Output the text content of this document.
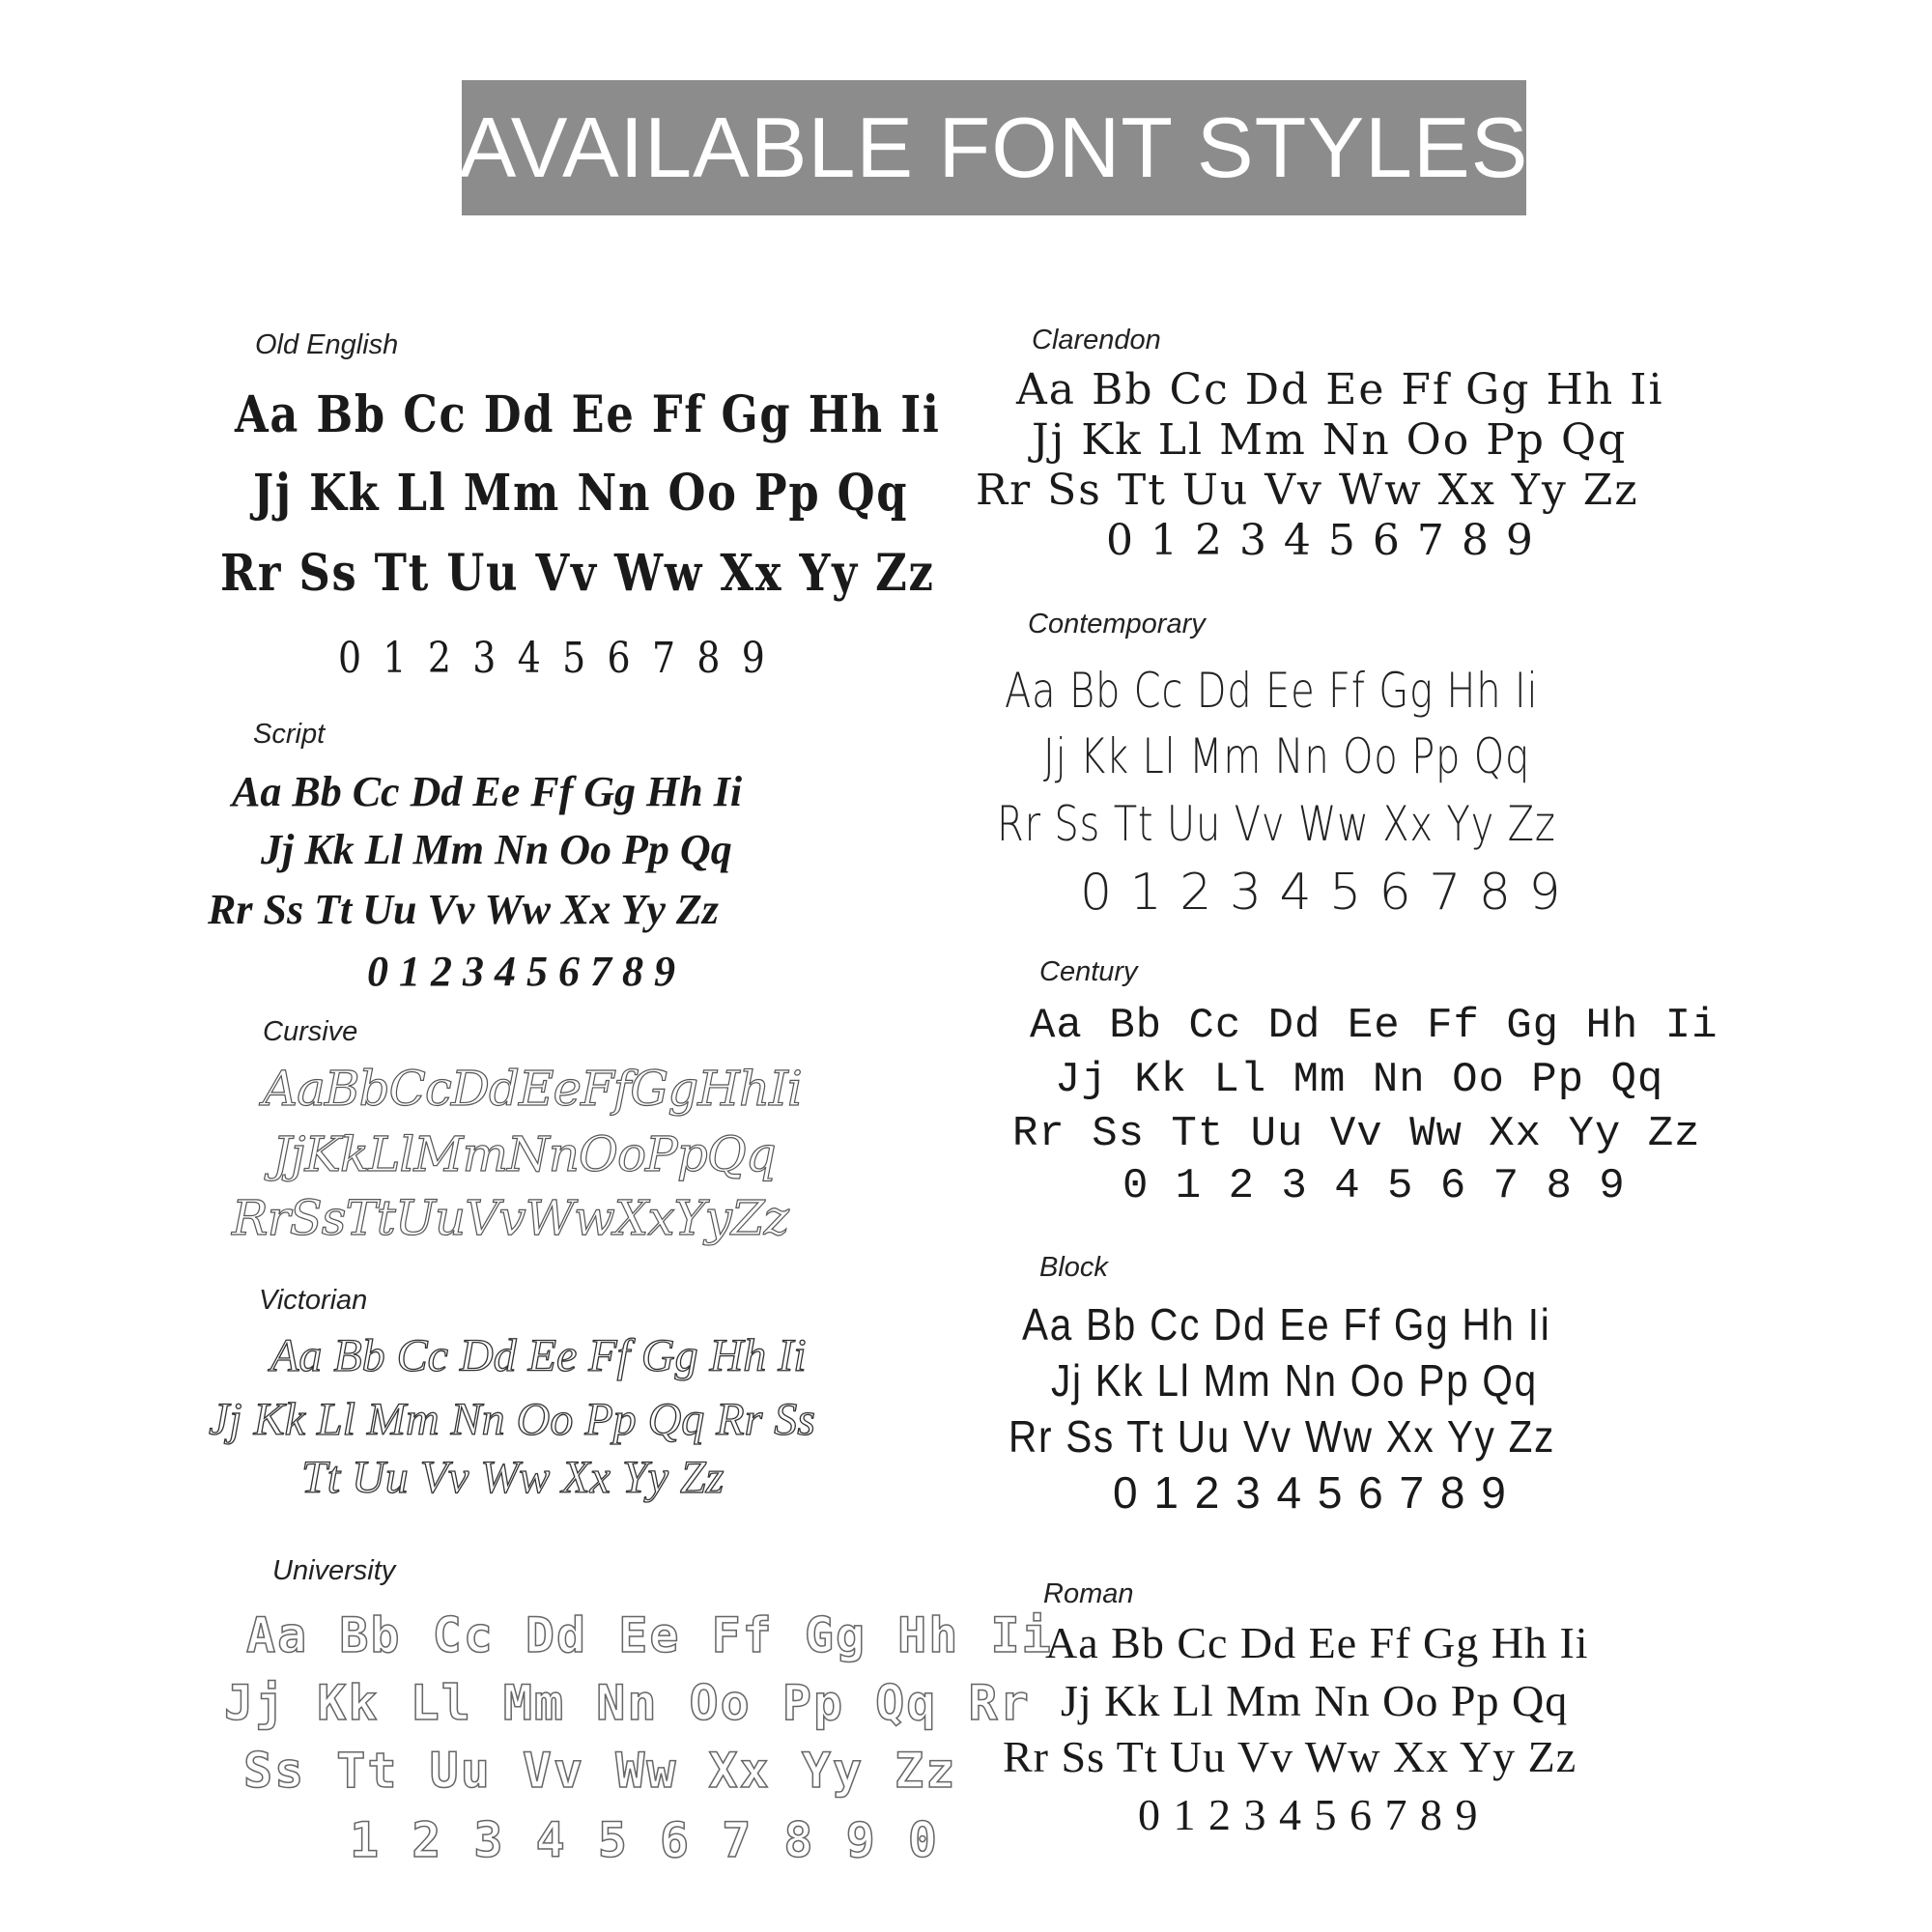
AVAILABLE FONT STYLES
Old English
Aa Bb Cc Dd Ee Ff Gg Hh Ii
Jj Kk Ll Mm Nn Oo Pp Qq
Rr Ss Tt Uu Vv Ww Xx Yy Zz
0 1 2 3 4 5 6 7 8 9
Script
Aa Bb Cc Dd Ee Ff Gg Hh Ii
Jj Kk Ll Mm Nn Oo Pp Qq
Rr Ss Tt Uu Vv Ww Xx Yy Zz
0 1 2 3 4 5 6 7 8 9
Cursive
AaBbCcDdEeFfGgHhIi
JjKkLlMmNnOoPpQq
RrSsTtUuVvWwXxYyZz
Victorian
Aa Bb Cc Dd Ee Ff Gg Hh Ii
Jj Kk Ll Mm Nn Oo Pp Qq Rr Ss
Tt Uu Vv Ww Xx Yy Zz
University
Aa Bb Cc Dd Ee Ff Gg Hh Ii
Jj Kk Ll Mm Nn Oo Pp Qq Rr
Ss Tt Uu Vv Ww Xx Yy Zz
1 2 3 4 5 6 7 8 9 0
Clarendon
Aa Bb Cc Dd Ee Ff Gg Hh Ii
Jj Kk Ll Mm Nn Oo Pp Qq
Rr Ss Tt Uu Vv Ww Xx Yy Zz
0 1 2 3 4 5 6 7 8 9
Contemporary
Aa Bb Cc Dd Ee Ff Gg Hh Ii
Jj Kk Ll Mm Nn Oo Pp Qq
Rr Ss Tt Uu Vv Ww Xx Yy Zz
0 1 2 3 4 5 6 7 8 9
Century
Aa Bb Cc Dd Ee Ff Gg Hh Ii
Jj Kk Ll Mm Nn Oo Pp Qq
Rr Ss Tt Uu Vv Ww Xx Yy Zz
0 1 2 3 4 5 6 7 8 9
Block
Aa Bb Cc Dd Ee Ff Gg Hh Ii
Jj Kk Ll Mm Nn Oo Pp Qq
Rr Ss Tt Uu Vv Ww Xx Yy Zz
0 1 2 3 4 5 6 7 8 9
Roman
Aa Bb Cc Dd Ee Ff Gg Hh Ii
Jj Kk Ll Mm Nn Oo Pp Qq
Rr Ss Tt Uu Vv Ww Xx Yy Zz
0 1 2 3 4 5 6 7 8 9
